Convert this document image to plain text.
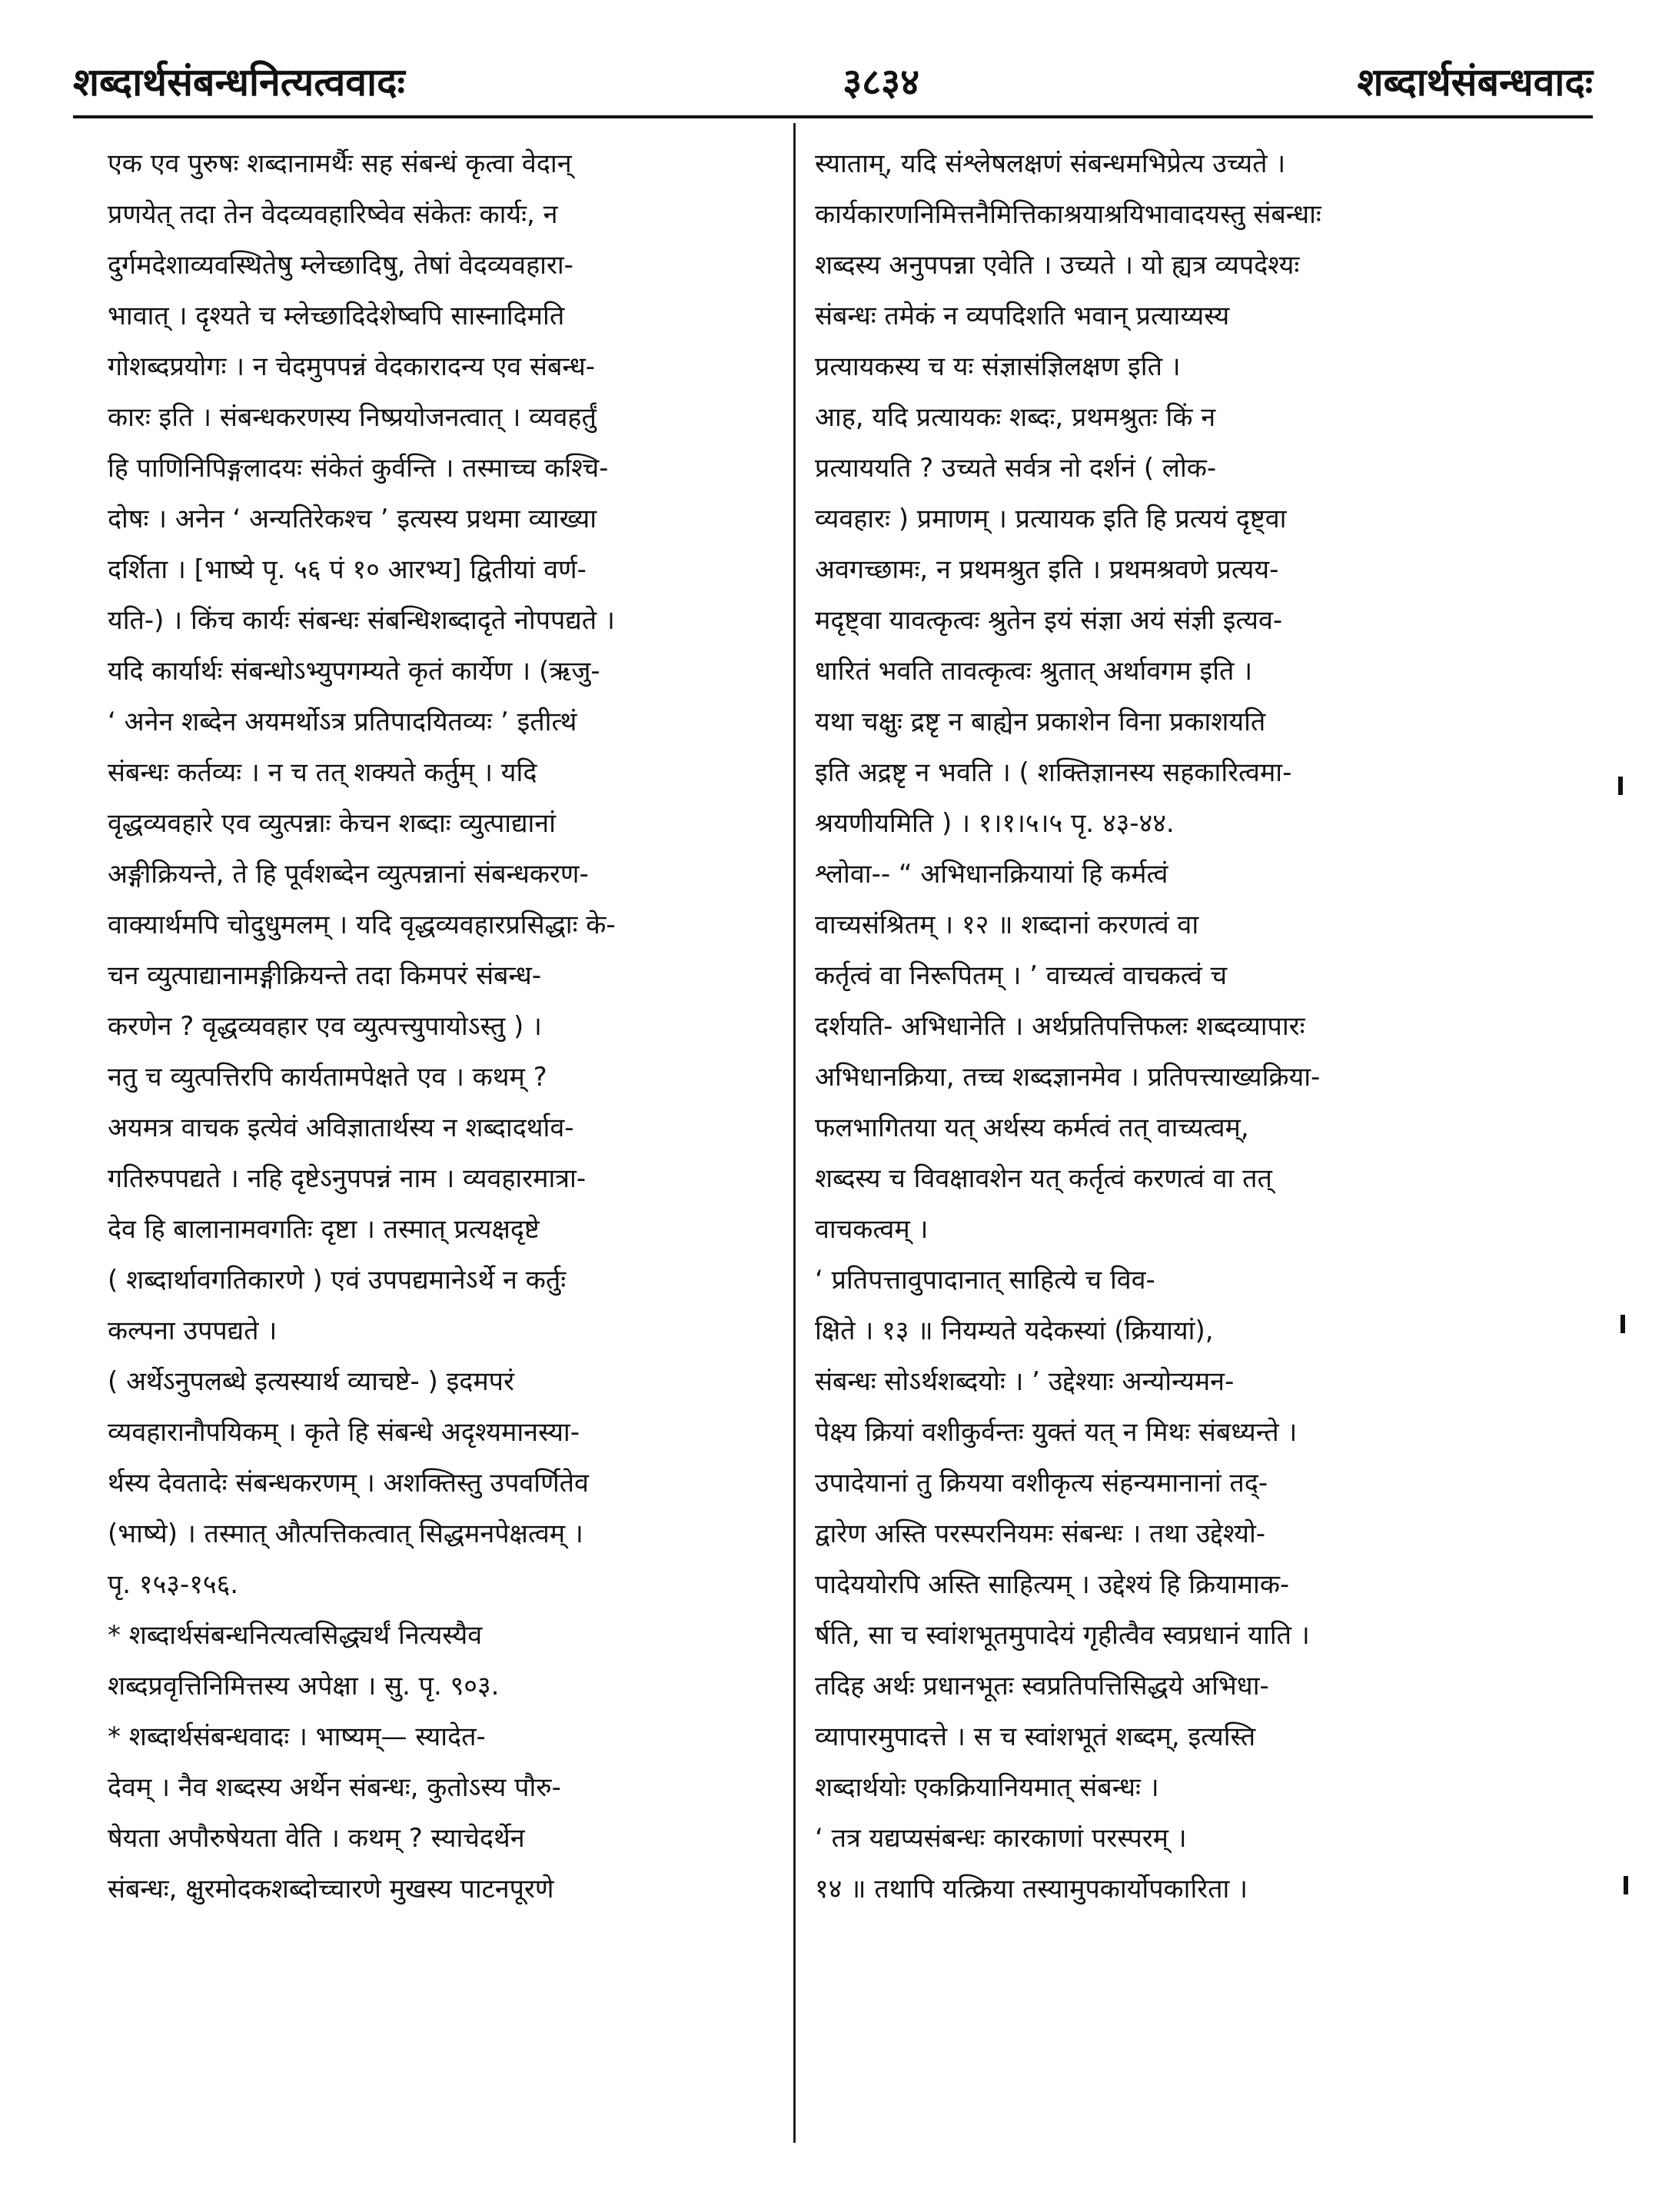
शब्दार्थसंबन्धनित्यत्ववादः	३८३४	शब्दार्थसंबन्धवादः
एक एव पुरुषः शब्दानामर्थैः सह संबन्धं कृत्वा वेदान्
प्रणयेत् तदा तेन वेदव्यवहारिष्वेव संकेतः कार्यः, न
दुर्गमदेशाव्यवस्थितेषु म्लेच्छादिषु, तेषां वेदव्यवहारा-
भावात् । दृश्यते च म्लेच्छादिदेशेष्वपि सास्नादिमति
गोशब्दप्रयोगः । न चेदमुपपन्नं वेदकारादन्य एव संबन्ध-
कारः इति । संबन्धकरणस्य निष्प्रयोजनत्वात् । व्यवहर्तुं
हि पाणिनिपिङ्गलादयः संकेतं कुर्वन्ति । तस्माच्च कश्चि-
दोषः । अनेन ‘ अन्यतिरेकश्च ’ इत्यस्य प्रथमा व्याख्या
दर्शिता । [भाष्ये पृ. ५६ पं १० आरभ्य] द्वितीयां वर्ण-
यति-) । किंच कार्यः संबन्धः संबन्धिशब्दादृते नोपपद्यते ।
यदि कार्यार्थः संबन्धोऽभ्युपगम्यते कृतं कार्येण । (ऋजु-
‘ अनेन शब्देन अयमर्थोऽत्र प्रतिपादयितव्यः ’ इतीत्थं
संबन्धः कर्तव्यः । न च तत् शक्यते कर्तुम् । यदि
वृद्धव्यवहारे एव व्युत्पन्नाः केचन शब्दाः व्युत्पाद्यानां
अङ्गीक्रियन्ते, ते हि पूर्वशब्देन व्युत्पन्नानां संबन्धकरण-
वाक्यार्थमपि चोदुधुमलम् । यदि वृद्धव्यवहारप्रसिद्धाः के-
चन व्युत्पाद्यानामङ्गीक्रियन्ते तदा किमपरं संबन्ध-
करणेन ? वृद्धव्यवहार एव व्युत्पत्त्युपायोऽस्तु ) ।
नतु च व्युत्पत्तिरपि कार्यतामपेक्षते एव । कथम् ?
अयमत्र वाचक इत्येवं अविज्ञातार्थस्य न शब्दादर्थाव-
गतिरुपपद्यते । नहि दृष्टेऽनुपपन्नं नाम । व्यवहारमात्रा-
देव हि बालानामवगतिः दृष्टा । तस्मात् प्रत्यक्षदृष्टे
( शब्दार्थावगतिकारणे ) एवं उपपद्यमानेऽर्थे न कर्तुः
कल्पना उपपद्यते ।
( अर्थेऽनुपलब्धे इत्यस्यार्थ व्याचष्टे- ) इदमपरं
व्यवहारानौपयिकम् । कृते हि संबन्धे अदृश्यमानस्या-
र्थस्य देवतादेः संबन्धकरणम् । अशक्तिस्तु उपवर्णितेव
(भाष्ये) । तस्मात् औत्पत्तिकत्वात् सिद्धमनपेक्षत्वम् ।
पृ. १५३-१५६.
* शब्दार्थसंबन्धनित्यत्वसिद्ध्यर्थं नित्यस्यैव
शब्दप्रवृत्तिनिमित्तस्य अपेक्षा । सु. पृ. ९०३.
* शब्दार्थसंबन्धवादः । भाष्यम्— स्यादेत-
देवम् । नैव शब्दस्य अर्थेन संबन्धः, कुतोऽस्य पौरु-
षेयता अपौरुषेयता वेति । कथम् ? स्याचेदर्थेन
संबन्धः, क्षुरमोदकशब्दोच्चारणे मुखस्य पाटनपूरणे
स्याताम्, यदि संश्लेषलक्षणं संबन्धमभिप्रेत्य उच्यते ।
कार्यकारणनिमित्तनैमित्तिकाश्रयाश्रयिभावादयस्तु संबन्धाः
शब्दस्य अनुपपन्ना एवेति । उच्यते । यो ह्यत्र व्यपदेश्यः
संबन्धः तमेकं न व्यपदिशति भवान् प्रत्याय्यस्य
प्रत्यायकस्य च यः संज्ञासंज्ञिलक्षण इति ।
आह, यदि प्रत्यायकः शब्दः, प्रथमश्रुतः किं न
प्रत्याययति ? उच्यते सर्वत्र नो दर्शनं ( लोक-
व्यवहारः ) प्रमाणम् । प्रत्यायक इति हि प्रत्ययं दृष्ट्वा
अवगच्छामः, न प्रथमश्रुत इति । प्रथमश्रवणे प्रत्यय-
मदृष्ट्वा यावत्कृत्वः श्रुतेन इयं संज्ञा अयं संज्ञी इत्यव-
धारितं भवति तावत्कृत्वः श्रुतात् अर्थावगम इति ।
यथा चक्षुः द्रष्टृ न बाह्येन प्रकाशेन विना प्रकाशयति
इति अद्रष्टृ न भवति । ( शक्तिज्ञानस्य सहकारित्वमा-
श्रयणीयमिति ) । १।१।५।५ पृ. ४३-४४.
श्लोवा-- “ अभिधानक्रियायां हि कर्मत्वं
वाच्यसंश्रितम् । १२ ॥ शब्दानां करणत्वं वा
कर्तृत्वं वा निरूपितम् । ’ वाच्यत्वं वाचकत्वं च
दर्शयति- अभिधानेति । अर्थप्रतिपत्तिफलः शब्दव्यापारः
अभिधानक्रिया, तच्च शब्दज्ञानमेव । प्रतिपत्त्याख्यक्रिया-
फलभागितया यत् अर्थस्य कर्मत्वं तत् वाच्यत्वम्,
शब्दस्य च विवक्षावशेन यत् कर्तृत्वं करणत्वं वा तत्
वाचकत्वम् ।
‘ प्रतिपत्तावुपादानात् साहित्ये च विव-
क्षिते । १३ ॥ नियम्यते यदेकस्यां (क्रियायां),
संबन्धः सोऽर्थशब्दयोः । ’ उद्देश्याः अन्योन्यमन-
पेक्ष्य क्रियां वशीकुर्वन्तः युक्तं यत् न मिथः संबध्यन्ते ।
उपादेयानां तु क्रियया वशीकृत्य संहन्यमानानां तद्-
द्वारेण अस्ति परस्परनियमः संबन्धः । तथा उद्देश्यो-
पादेययोरपि अस्ति साहित्यम् । उद्देश्यं हि क्रियामाक-
र्षति, सा च स्वांशभूतमुपादेयं गृहीत्वैव स्वप्रधानं याति ।
तदिह अर्थः प्रधानभूतः स्वप्रतिपत्तिसिद्धये अभिधा-
व्यापारमुपादत्ते । स च स्वांशभूतं शब्दम्, इत्यस्ति
शब्दार्थयोः एकक्रियानियमात् संबन्धः ।
‘ तत्र यद्यप्यसंबन्धः कारकाणां परस्परम् ।
१४ ॥ तथापि यत्क्रिया तस्यामुपकार्योपकारिता ।
